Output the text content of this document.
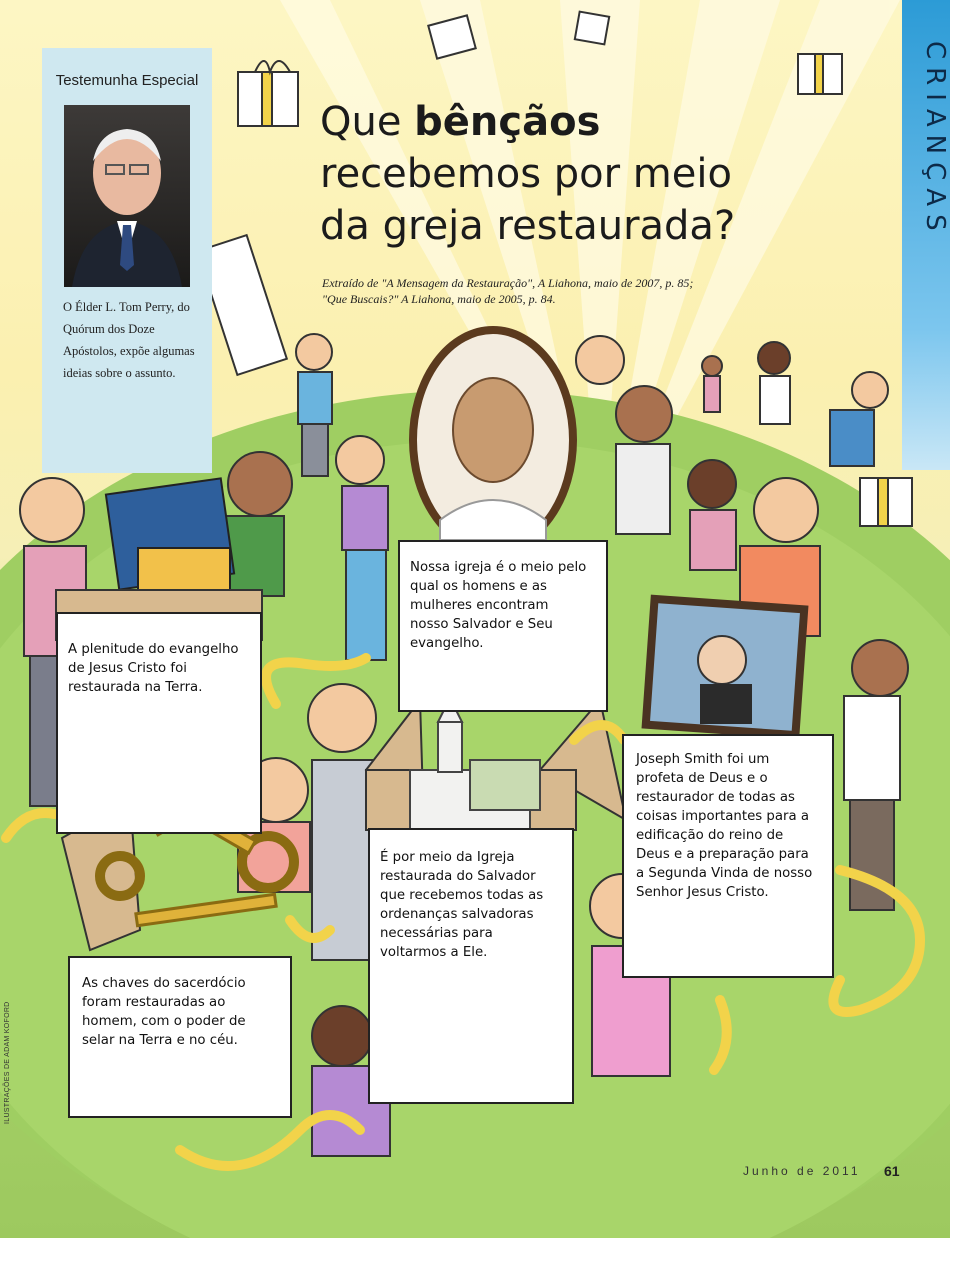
CRIANÇAS
Testemunha Especial
O Élder L. Tom Perry, do Quórum dos Doze Apóstolos, expõe algumas ideias sobre o assunto.
Que bênçãos
recebemos por meio
da greja restaurada?
Extraído de "A Mensagem da Restauração", A Liahona, maio de 2007, p. 85;
"Que Buscais?" A Liahona, maio de 2005, p. 84.
A plenitude do evangelho de Jesus Cristo foi restaurada na Terra.
Nossa igreja é o meio pelo qual os homens e as mulheres encontram nosso Salvador e Seu evangelho.
Joseph Smith foi um profeta de Deus e o restaurador de todas as coisas importantes para a edificação do reino de Deus e a preparação para a Segunda Vinda de nosso Senhor Jesus Cristo.
É por meio da Igreja restaurada do Salvador que recebemos todas as ordenanças salvadoras necessárias para voltarmos a Ele.
As chaves do sacerdócio foram restauradas ao homem, com o poder de selar na Terra e no céu.
ILUSTRAÇÕES DE ADAM KOFORD
Junho de 2011 61
